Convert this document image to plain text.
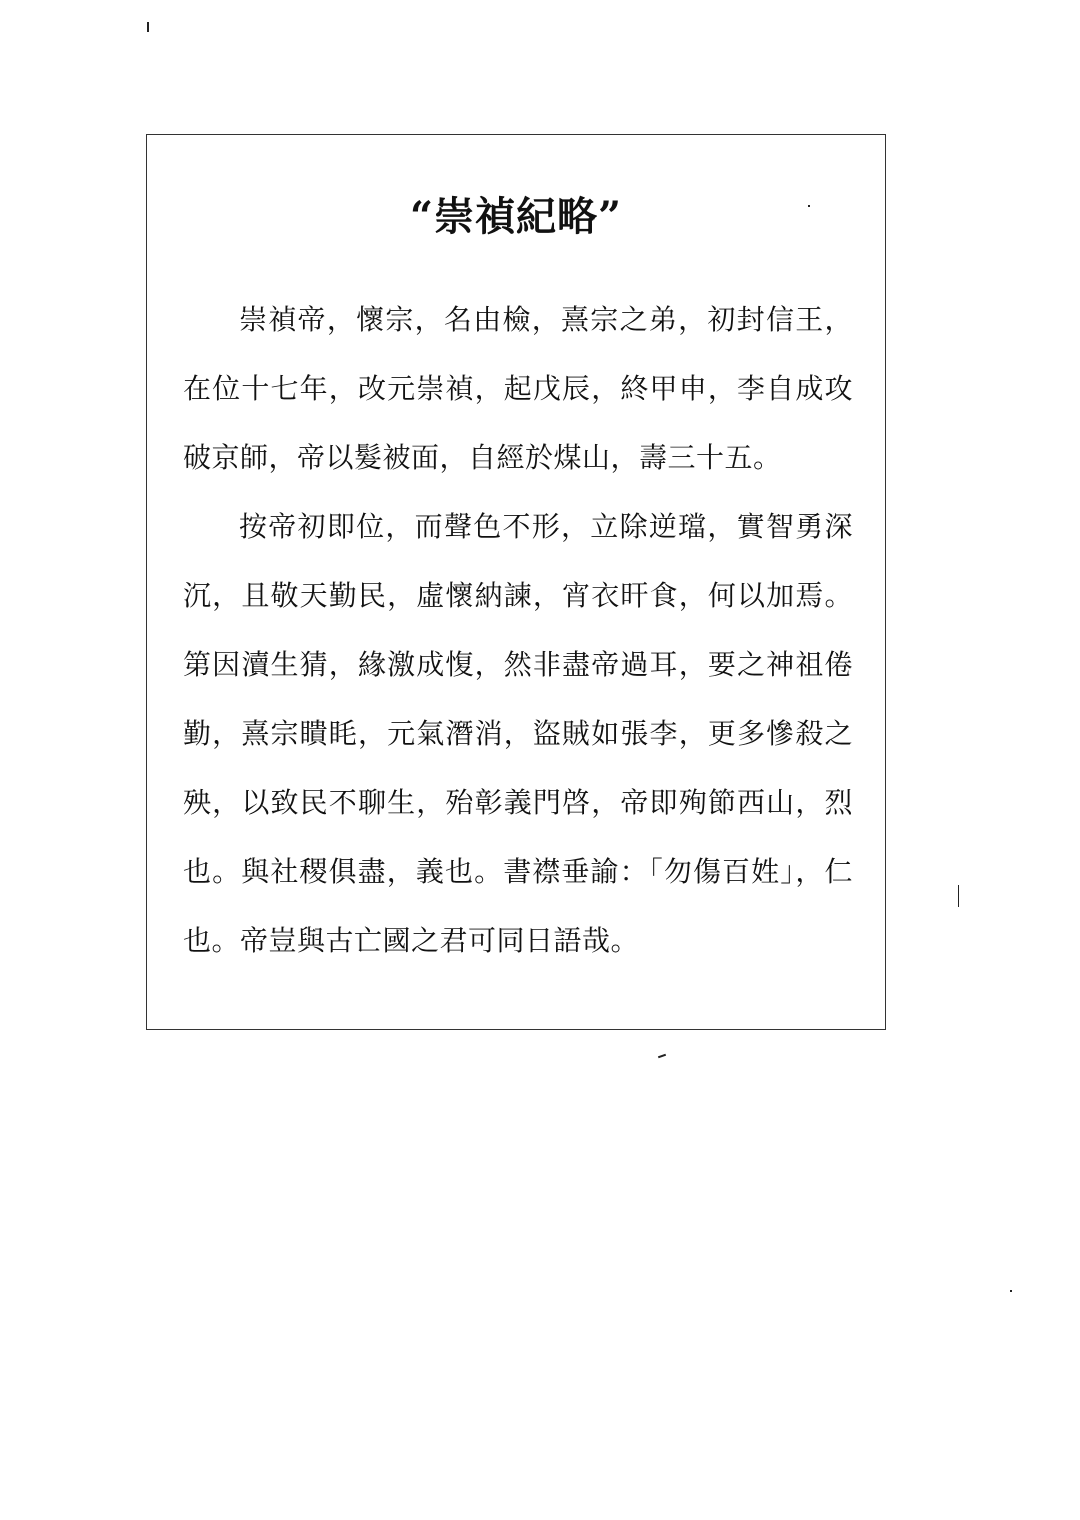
“崇禎紀略”

崇禎帝，懷宗，名由檢，熹宗之弟，初封信王，在位十七年，改元崇禎，起戊辰，終甲申，李自成攻破京師，帝以髮被面，自經於煤山，壽三十五。

按帝初即位，而聲色不形，立除逆璫，實智勇深沉，且敬天勤民，虛懷納諫，宵衣旰食，何以加焉。第因瀆生猜，緣激成愎，然非盡帝過耳，要之神祖倦勤，熹宗瞶眊，元氣潛消，盜賊如張李，更多慘殺之殃，以致民不聊生，殆彰義門啓，帝即殉節西山，烈也。與社稷俱盡，義也。書襟垂諭：「勿傷百姓」，仁也。帝豈與古亡國之君可同日語哉。
